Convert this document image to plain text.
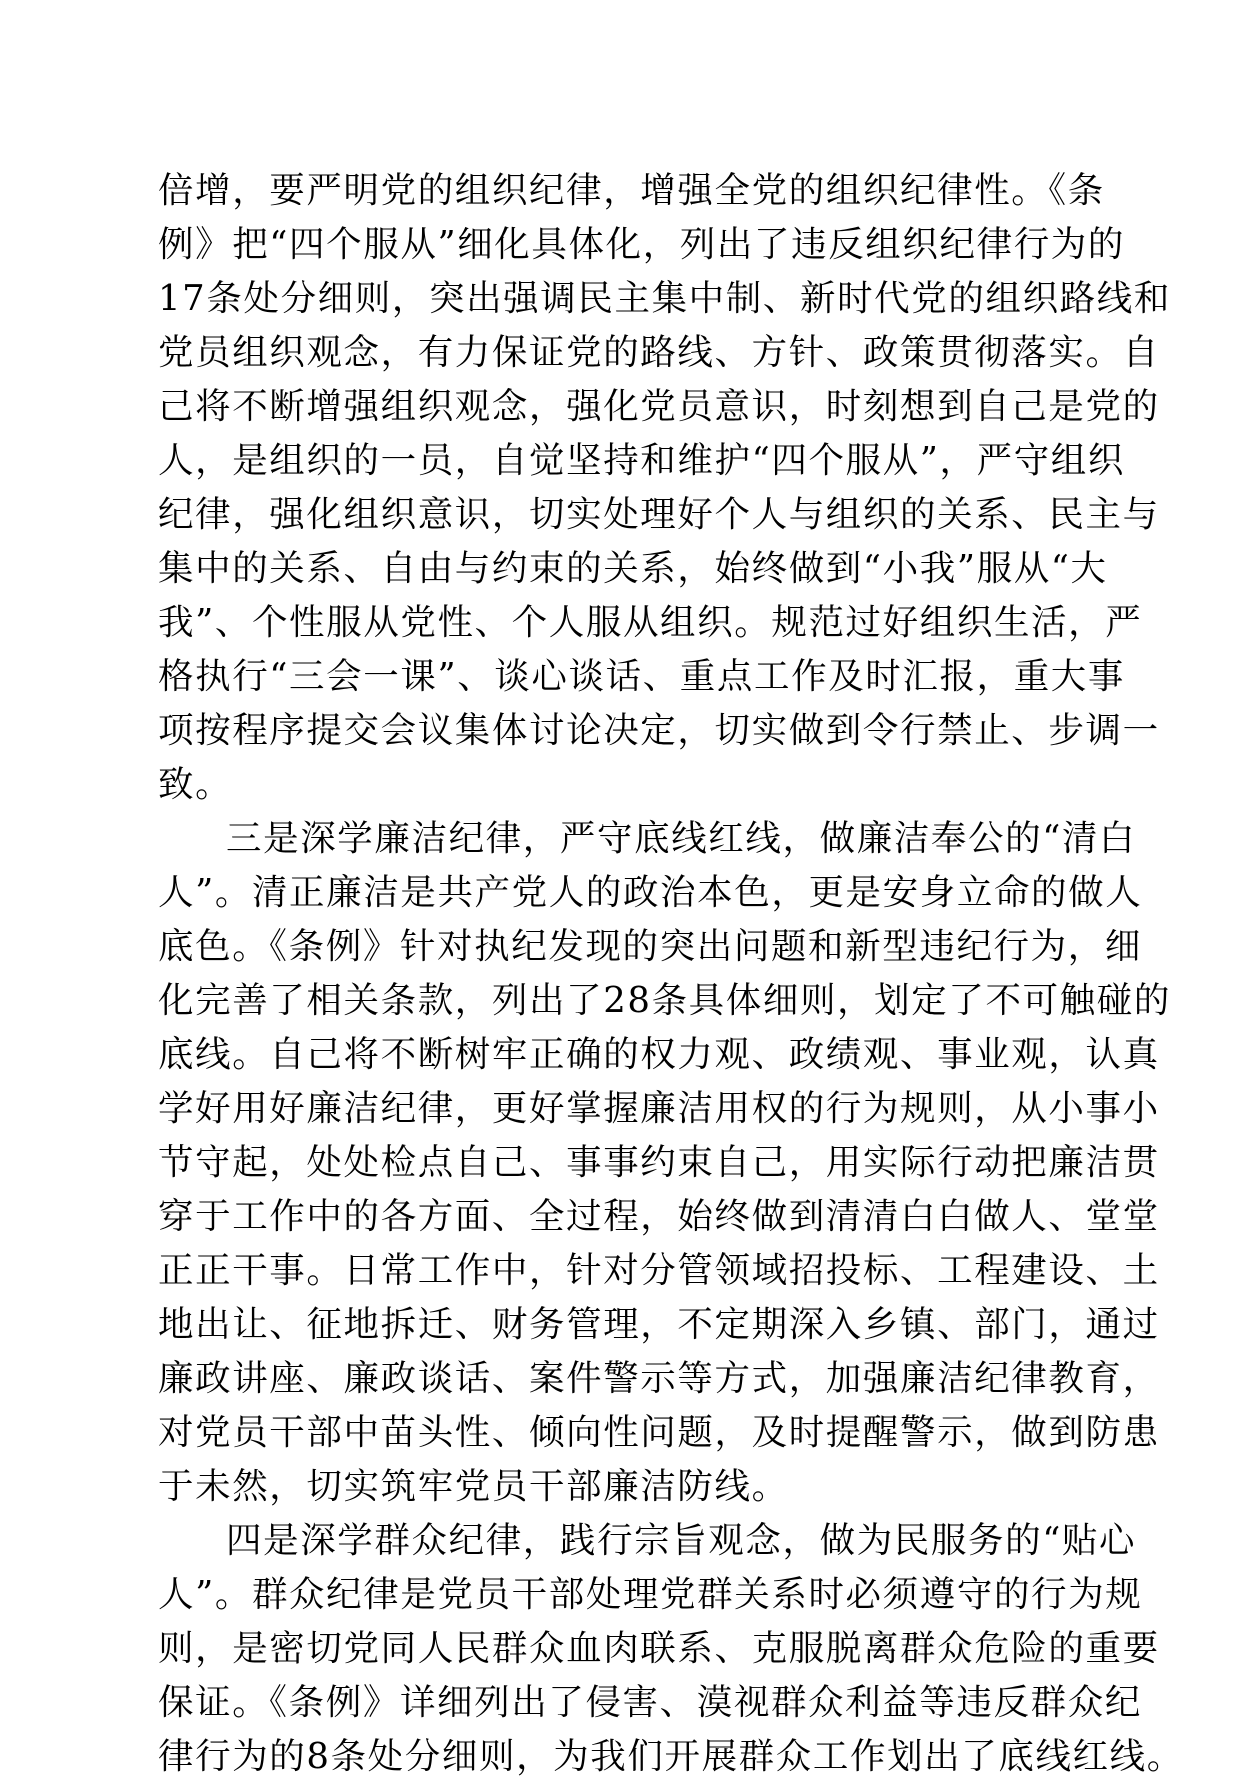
倍增，要严明党的组织纪律，增强全党的组织纪律性。《条
例》把“四个服从”细化具体化，列出了违反组织纪律行为的
17条处分细则，突出强调民主集中制、新时代党的组织路线和
党员组织观念，有力保证党的路线、方针、政策贯彻落实。自
己将不断增强组织观念，强化党员意识，时刻想到自己是党的
人，是组织的一员，自觉坚持和维护“四个服从”，严守组织
纪律，强化组织意识，切实处理好个人与组织的关系、民主与
集中的关系、自由与约束的关系，始终做到“小我”服从“大
我”、个性服从党性、个人服从组织。规范过好组织生活，严
格执行“三会一课”、谈心谈话、重点工作及时汇报，重大事
项按程序提交会议集体讨论决定，切实做到令行禁止、步调一
致。
三是深学廉洁纪律，严守底线红线，做廉洁奉公的“清白
人”。清正廉洁是共产党人的政治本色，更是安身立命的做人
底色。《条例》针对执纪发现的突出问题和新型违纪行为，细
化完善了相关条款，列出了28条具体细则，划定了不可触碰的
底线。自己将不断树牢正确的权力观、政绩观、事业观，认真
学好用好廉洁纪律，更好掌握廉洁用权的行为规则，从小事小
节守起，处处检点自己、事事约束自己，用实际行动把廉洁贯
穿于工作中的各方面、全过程，始终做到清清白白做人、堂堂
正正干事。日常工作中，针对分管领域招投标、工程建设、土
地出让、征地拆迁、财务管理，不定期深入乡镇、部门，通过
廉政讲座、廉政谈话、案件警示等方式，加强廉洁纪律教育，
对党员干部中苗头性、倾向性问题，及时提醒警示，做到防患
于未然，切实筑牢党员干部廉洁防线。
四是深学群众纪律，践行宗旨观念，做为民服务的“贴心
人”。群众纪律是党员干部处理党群关系时必须遵守的行为规
则，是密切党同人民群众血肉联系、克服脱离群众危险的重要
保证。《条例》详细列出了侵害、漠视群众利益等违反群众纪
律行为的8条处分细则，为我们开展群众工作划出了底线红线。
